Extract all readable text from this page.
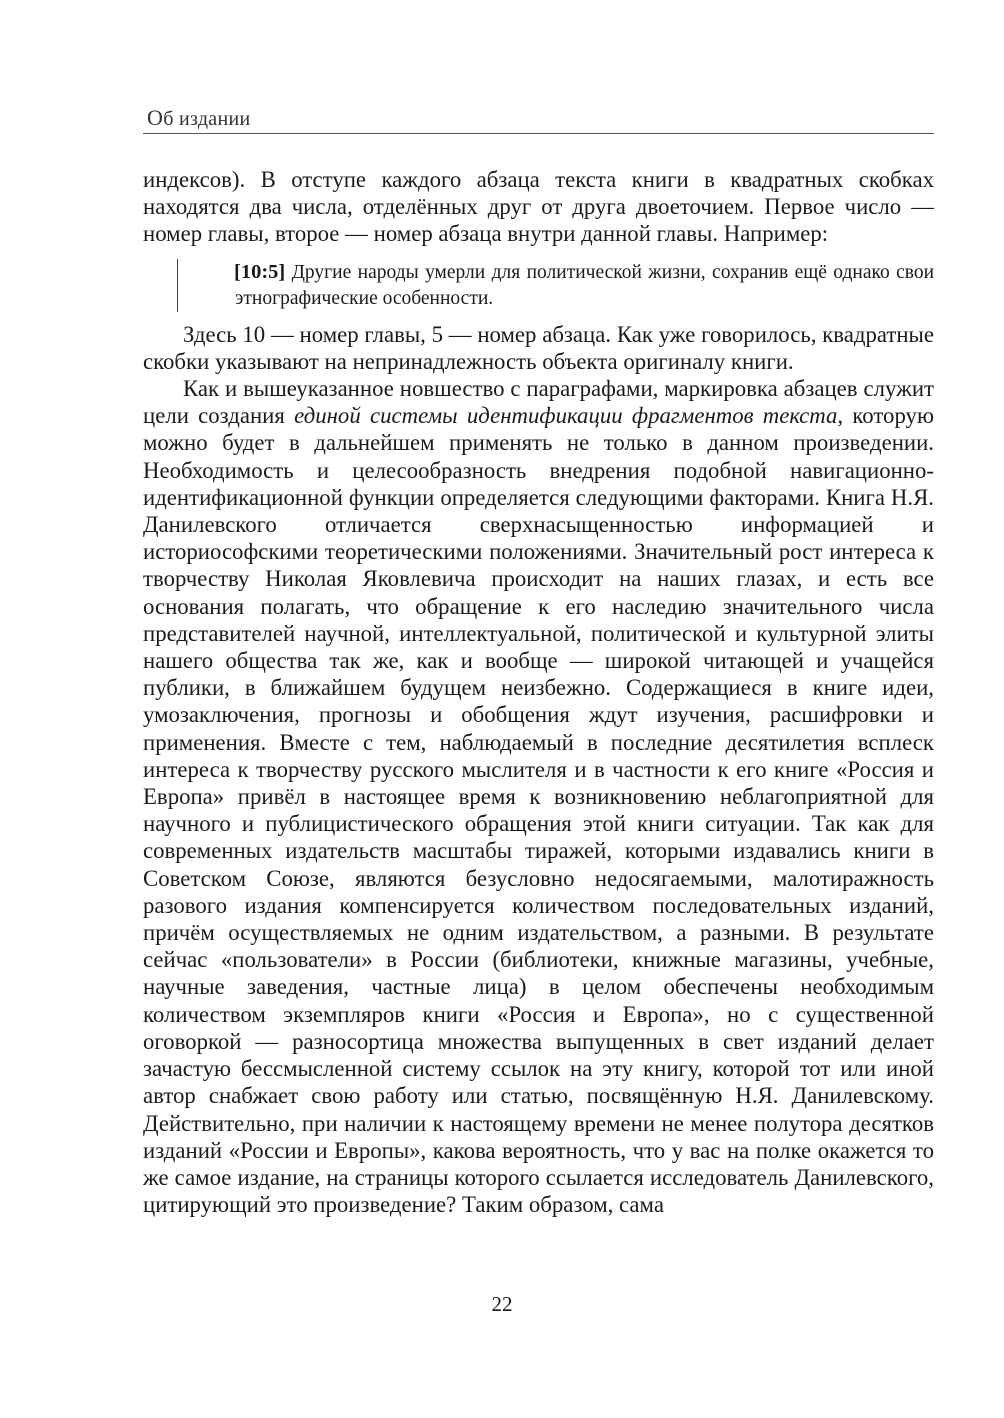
Об издании

индексов). В отступе каждого абзаца текста книги в квадратных скобках находятся два числа, отделённых друг от друга двоеточием. Первое число — номер главы, второе — номер абзаца внутри данной главы. Например:

[10:5] Другие народы умерли для политической жизни, сохранив ещё однако свои этнографические особенности.

Здесь 10 — номер главы, 5 — номер абзаца. Как уже говорилось, квадратные скобки указывают на непринадлежность объекта оригиналу книги.

Как и вышеуказанное новшество с параграфами, маркировка абзацев служит цели создания единой системы идентификации фрагментов текста, которую можно будет в дальнейшем применять не только в данном произведении. Необходимость и целесообразность внедрения подобной навигационно-идентификационной функции определяется следующими факторами. Книга Н.Я. Данилевского отличается сверхнасыщенностью информацией и историософскими теоретическими положениями. Значительный рост интереса к творчеству Николая Яковлевича происходит на наших глазах, и есть все основания полагать, что обращение к его наследию значительного числа представителей научной, интеллектуальной, политической и культурной элиты нашего общества так же, как и вообще — широкой читающей и учащейся публики, в ближайшем будущем неизбежно. Содержащиеся в книге идеи, умозаключения, прогнозы и обобщения ждут изучения, расшифровки и применения. Вместе с тем, наблюдаемый в последние десятилетия всплеск интереса к творчеству русского мыслителя и в частности к его книге «Россия и Европа» привёл в настоящее время к возникновению неблагоприятной для научного и публицистического обращения этой книги ситуации. Так как для современных издательств масштабы тиражей, которыми издавались книги в Советском Союзе, являются безусловно недосягаемыми, малотиражность разового издания компенсируется количеством последовательных изданий, причём осуществляемых не одним издательством, а разными. В результате сейчас «пользователи» в России (библиотеки, книжные магазины, учебные, научные заведения, частные лица) в целом обеспечены необходимым количеством экземпляров книги «Россия и Европа», но с существенной оговоркой — разносортица множества выпущенных в свет изданий делает зачастую бессмысленной систему ссылок на эту книгу, которой тот или иной автор снабжает свою работу или статью, посвящённую Н.Я. Данилевскому. Действительно, при наличии к настоящему времени не менее полутора десятков изданий «России и Европы», какова вероятность, что у вас на полке окажется то же самое издание, на страницы которого ссылается исследователь Данилевского, цитирующий это произведение? Таким образом, сама

22
